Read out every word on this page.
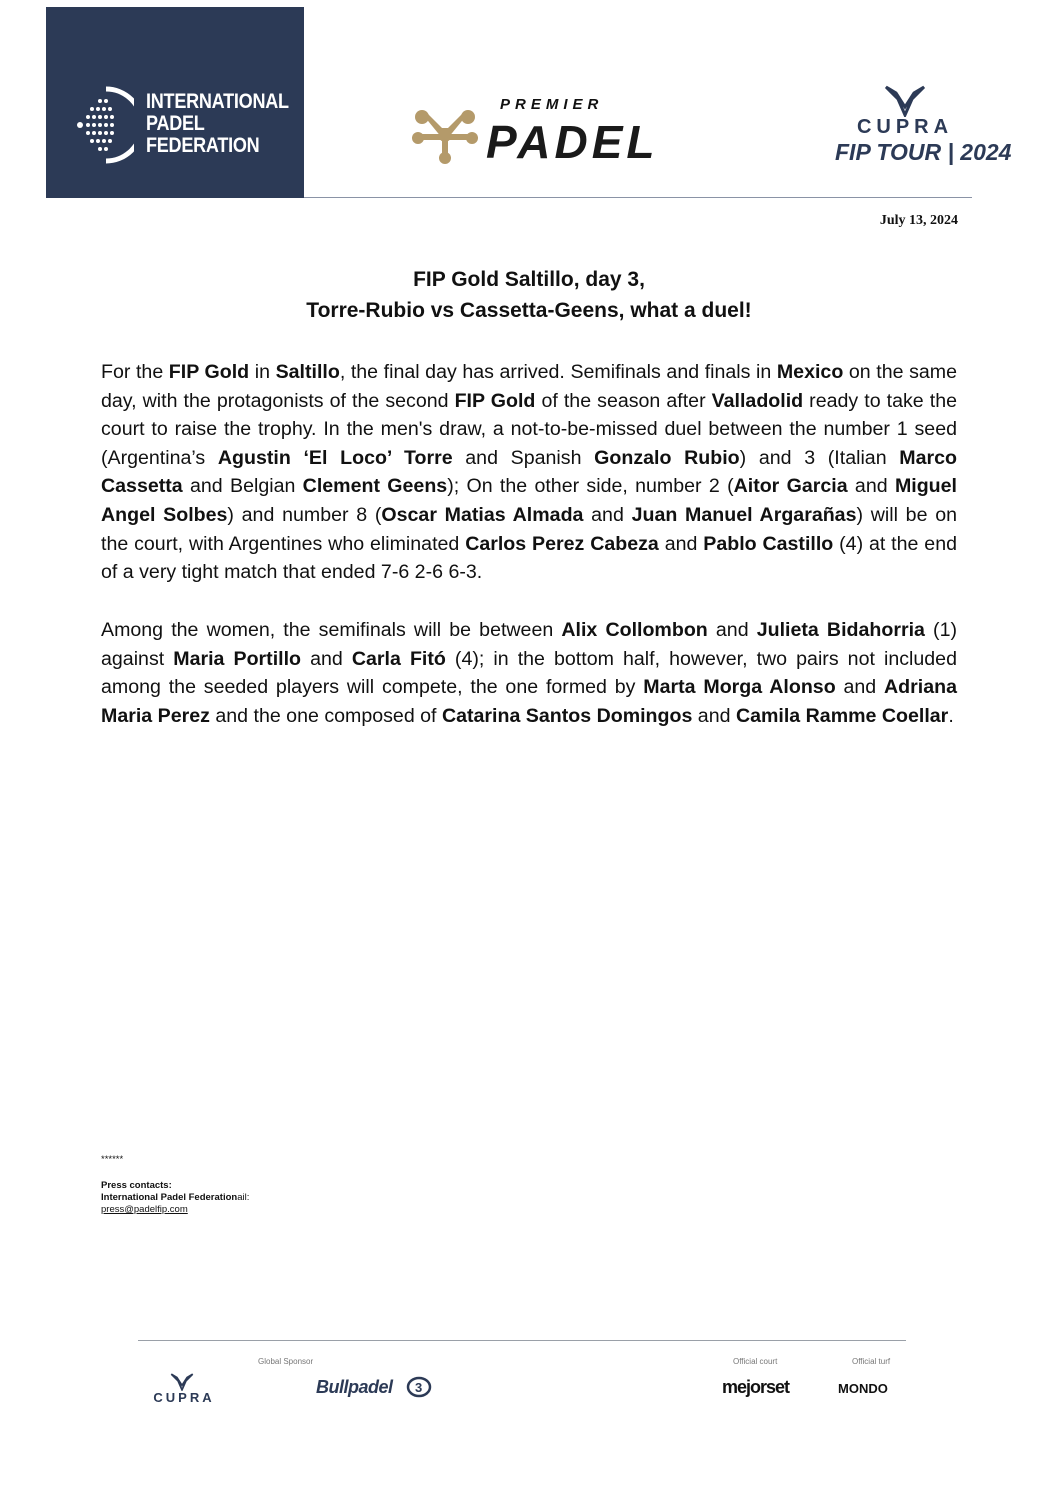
INTERNATIONAL
PADEL
FEDERATION
PREMIER
PADEL	CUPRA
FIP TOUR | 2024
July 13, 2024
FIP Gold Saltillo, day 3,
Torre-Rubio vs Cassetta-Geens, what a duel!
For the FIP Gold in Saltillo, the final day has arrived. Semifinals and finals in Mexico on the same day, with the protagonists of the second FIP Gold of the season after Valladolid ready to take the court to raise the trophy. In the men's draw, a not-to-be-missed duel between the number 1 seed (Argentina’s Agustin ‘El Loco’ Torre and Spanish Gonzalo Rubio) and 3 (Italian Marco Cassetta and Belgian Clement Geens); On the other side, number 2 (Aitor Garcia and Miguel Angel Solbes) and number 8 (Oscar Matias Almada and Juan Manuel Argarañas) will be on the court, with Argentines who eliminated Carlos Perez Cabeza and Pablo Castillo (4) at the end of a very tight match that ended 7-6 2-6 6-3.
Among the women, the semifinals will be between Alix Collombon and Julieta Bidahorria (1) against Maria Portillo and Carla Fitó (4); in the bottom half, however, two pairs not included among the seeded players will compete, the one formed by Marta Morga Alonso and Adriana Maria Perez and the one composed of Catarina Santos Domingos and Camila Ramme Coellar.
******
Press contacts:
International Padel Federationail:
press@padelfip.com
Global Sponsor	Official court	Official turf
CUPRA
Bullpadel 3	mejorset	MONDO
